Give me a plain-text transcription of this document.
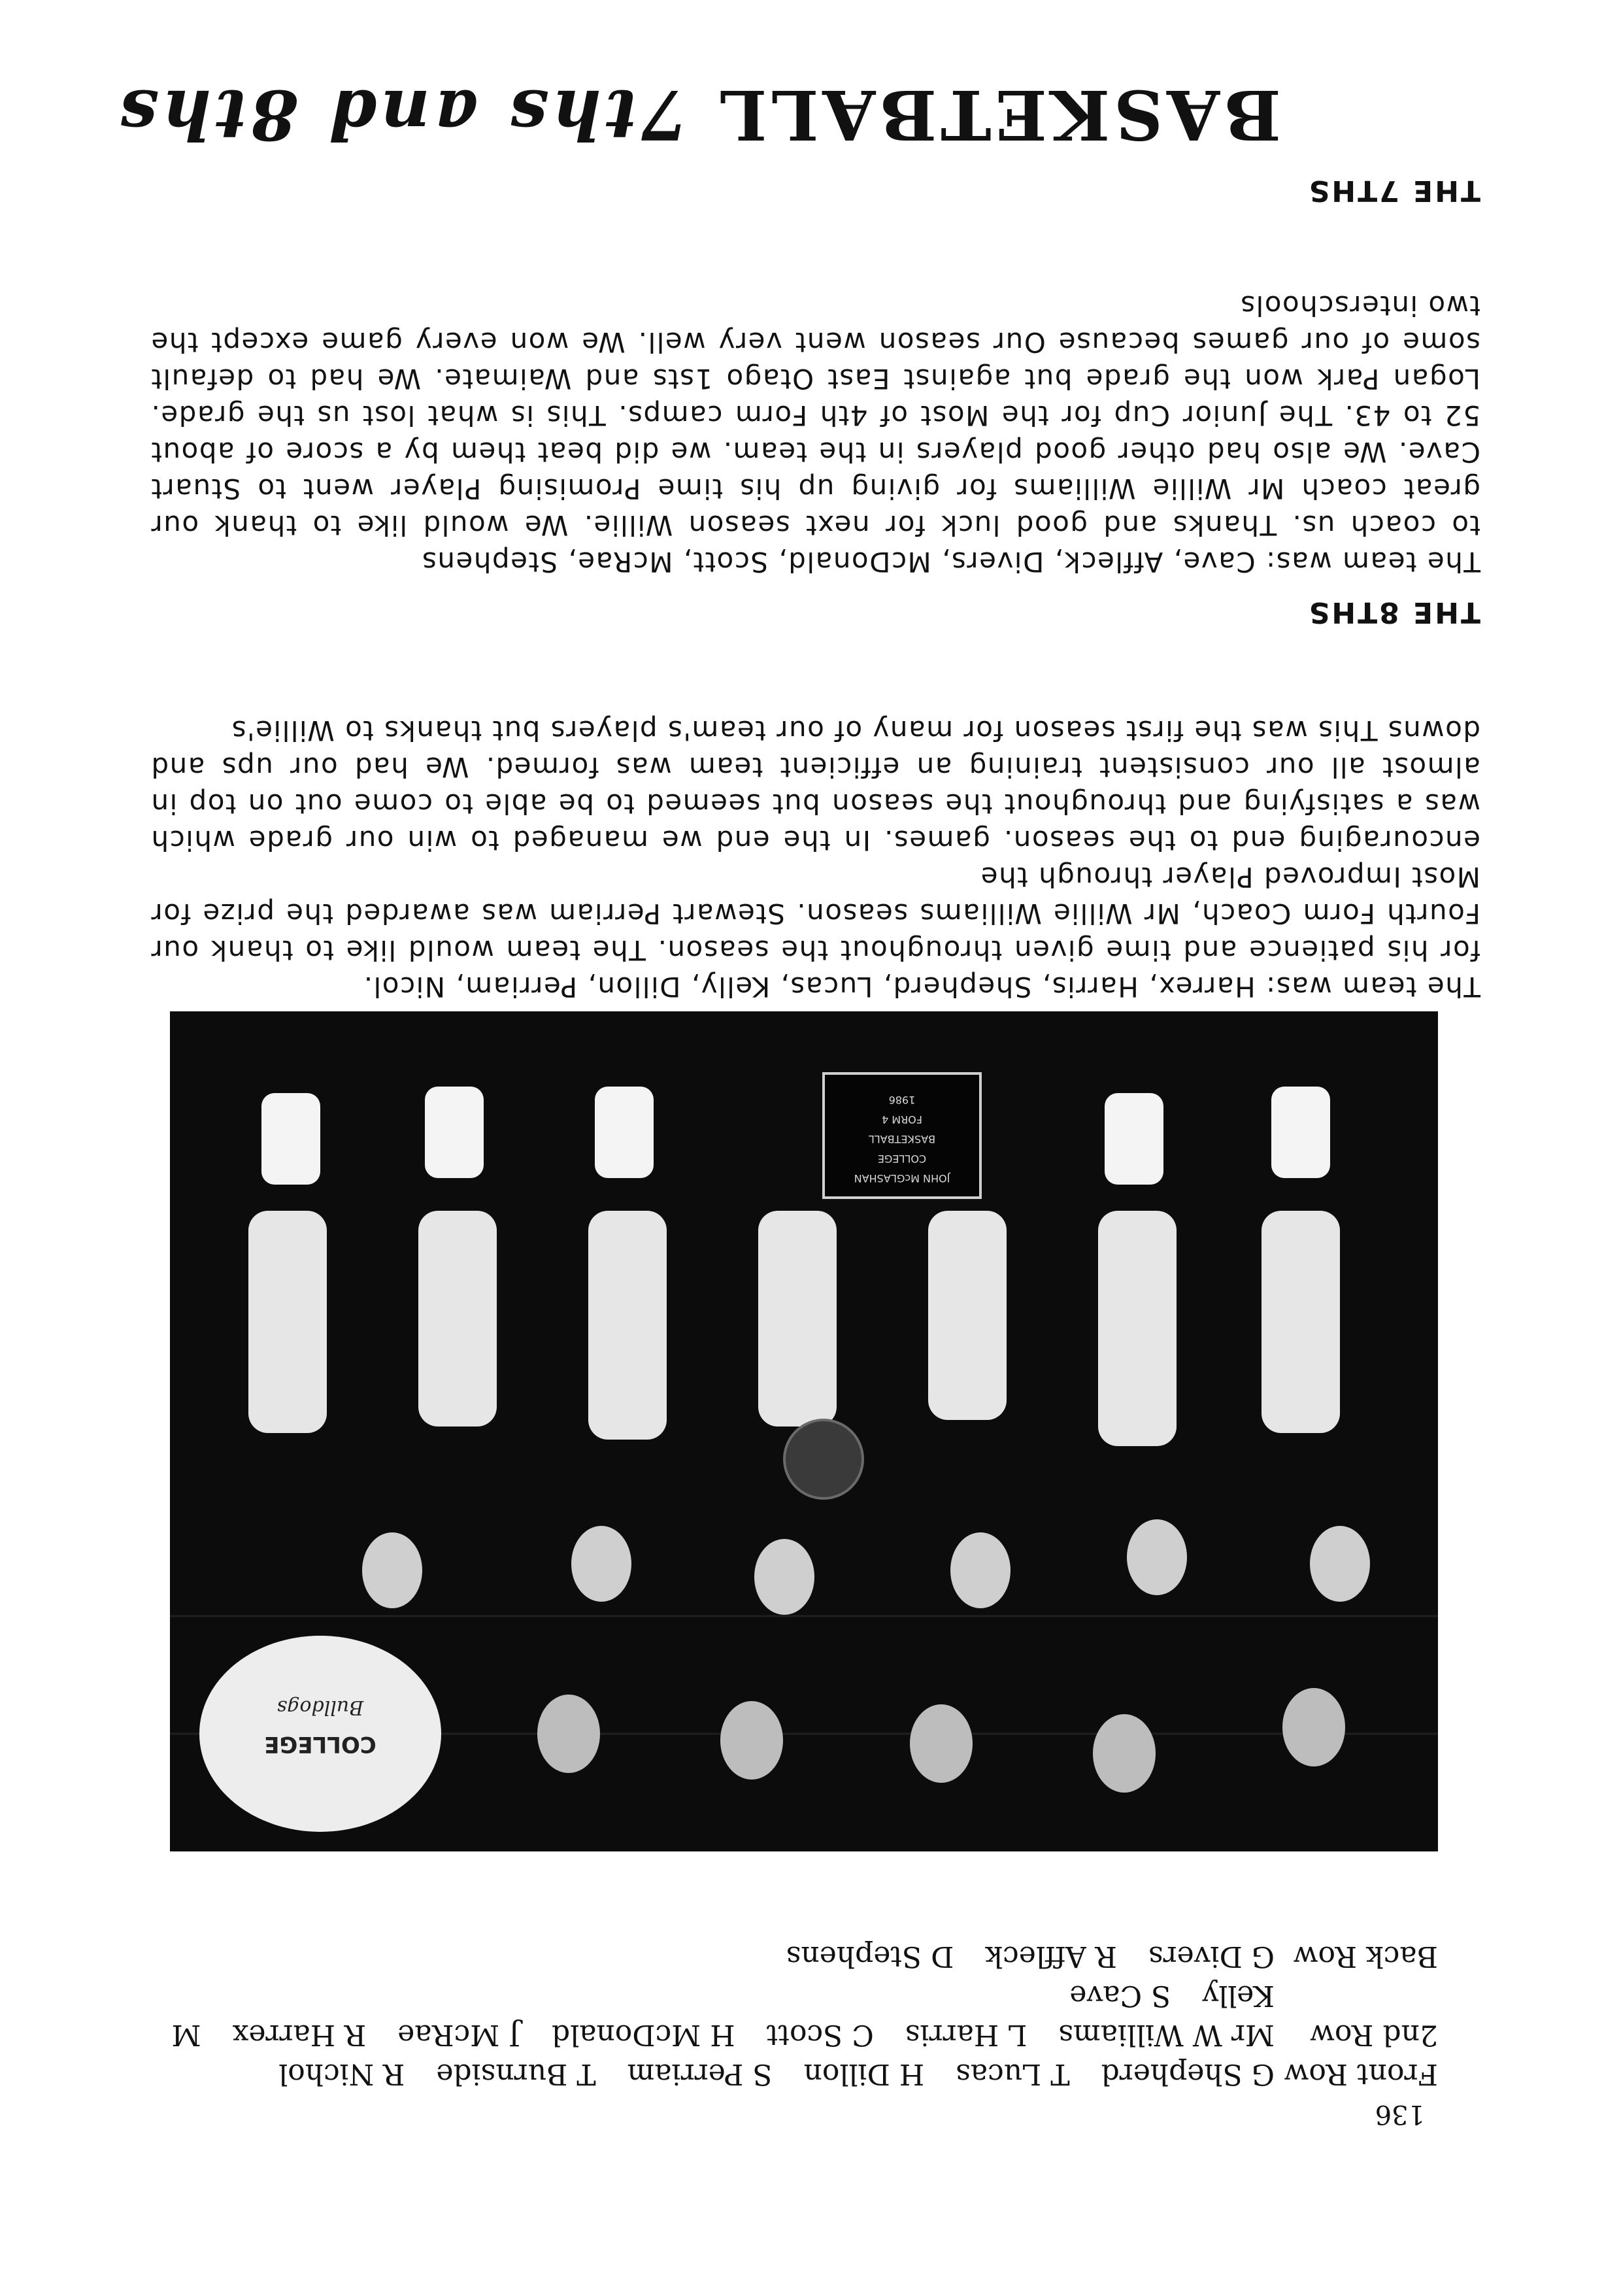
136
Front Row
G Shepherd T Lucas H Dillon S Perriam T Burnside R Nichol
2nd Row
Mr W Williams L Harris C Scott H McDonald J McRae R Harrex M Kelly S Cave
Back Row
G Divers R Affleck D Stephens
JOHN McGLASHAN
COLLEGE
BASKETBALL
FORM 4
1986
COLLEGE
Bulldogs

The team was: Harrex, Harris, Shepherd, Lucas, Kelly, Dillon, Perriam, Nicol.

for his patience and time given throughout the season. The team would like to thank our Fourth Form Coach, Mr Willie Williams season. Stewart Perriam was awarded the prize for Most Improved Player through the

encouraging end to the season. games. In the end we managed to win our grade which was a satisfying and throughout the season but seemed to be able to come out on top in almost all our consistent training an efficient team was formed. We had our ups and downs This was the first season for many of our team's players but thanks to Willie's

THE 8THS

The team was: Cave, Affleck, Divers, McDonald, Scott, McRae, Stephens

to coach us. Thanks and good luck for next season Willie. We would like to thank our great coach Mr Willie Williams for giving up his time Promising Player went to Stuart Cave. We also had other good players in the team. we did beat them by a score of about 52 to 43. The Junior Cup for the Most of 4th Form camps. This is what lost us the grade. Logan Park won the grade but against East Otago 1sts and Waimate. We had to default some of our games because Our season went very well. We won every game except the two interschools

THE 7THS
BASKETBALL 7ths and 8ths
